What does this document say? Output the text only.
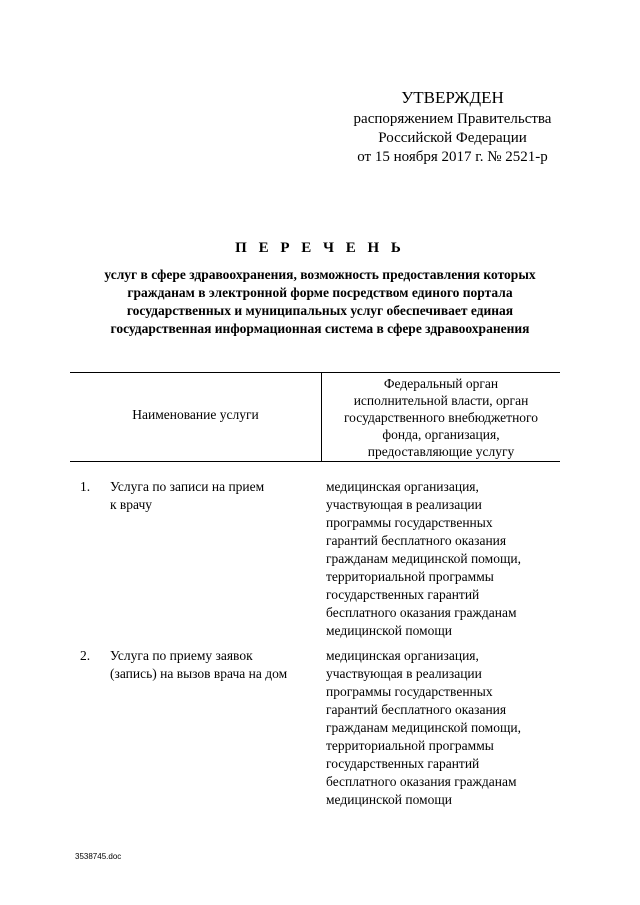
УТВЕРЖДЕН
распоряжением Правительства
Российской Федерации
от 15 ноября 2017 г. № 2521-р
П Е Р Е Ч Е Н Ь
услуг в сфере здравоохранения, возможность предоставления которых
гражданам в электронной форме посредством единого портала
государственных и муниципальных услуг обеспечивает единая
государственная информационная система в сфере здравоохранения
Наименование услуги
Федеральный орган
исполнительной власти, орган
государственного внебюджетного
фонда, организация,
предоставляющие услугу
1. Услуга по записи на прием
к врачу
медицинская организация,
участвующая в реализации
программы государственных
гарантий бесплатного оказания
гражданам медицинской помощи,
территориальной программы
государственных гарантий
бесплатного оказания гражданам
медицинской помощи
2. Услуга по приему заявок
(запись) на вызов врача на дом
медицинская организация,
участвующая в реализации
программы государственных
гарантий бесплатного оказания
гражданам медицинской помощи,
территориальной программы
государственных гарантий
бесплатного оказания гражданам
медицинской помощи
3538745.doc
